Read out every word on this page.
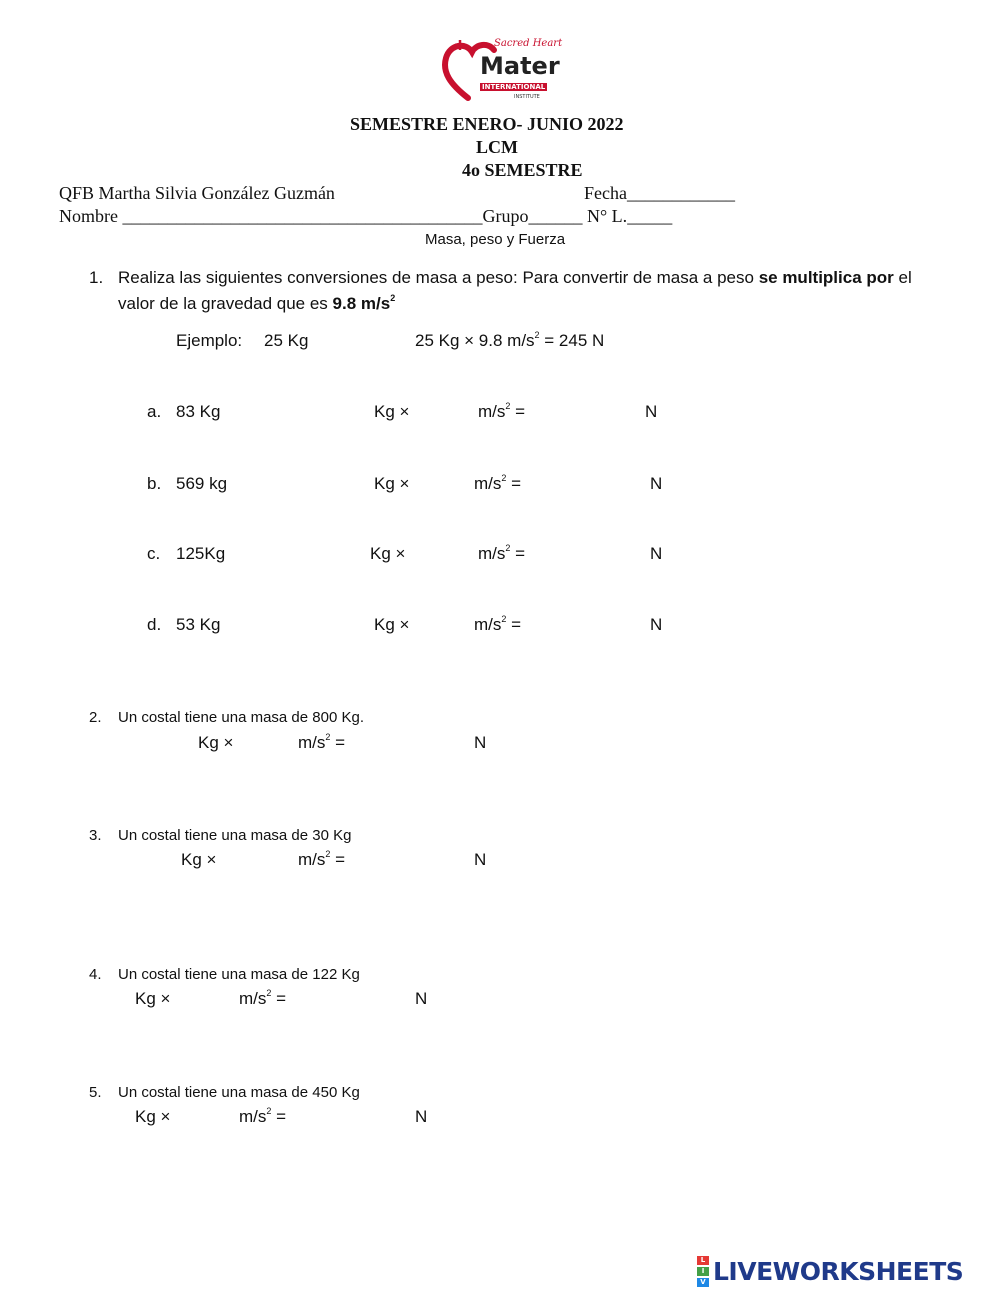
Sacred Heart
Mater
INTERNATIONAL
INSTITUTE
SEMESTRE ENERO- JUNIO 2022
LCM
4o SEMESTRE
QFB Martha Silvia González Guzmán	Fecha____________
Nombre ________________________________________Grupo______ N° L._____
Masa, peso y Fuerza
1. Realiza las siguientes conversiones de masa a peso: Para convertir de masa a peso se multiplica por el
valor de la gravedad que es 9.8 $m/s^2$
Ejemplo: 25 Kg	25 Kg × 9.8 $m/s^2 = 245$ N
a. 83 Kg	Kg ×	$m/s^2$ =	N
b. 569 kg	Kg ×	$m/s^2$ =	N
c. 125Kg	Kg ×	$m/s^2$ =	N
d. 53 Kg	Kg ×	$m/s^2$ =	N
2. Un costal tiene una masa de 800 Kg.
Kg ×	$m/s^2$ =	N
3. Un costal tiene una masa de 30 Kg
Kg ×	$m/s^2$ =	N
4. Un costal tiene una masa de 122 Kg
Kg ×	$m/s^2$ =	N
5. Un costal tiene una masa de 450 Kg
Kg ×	$m/s^2$ =	N
L
I
V LIVEWORKSHEETS
